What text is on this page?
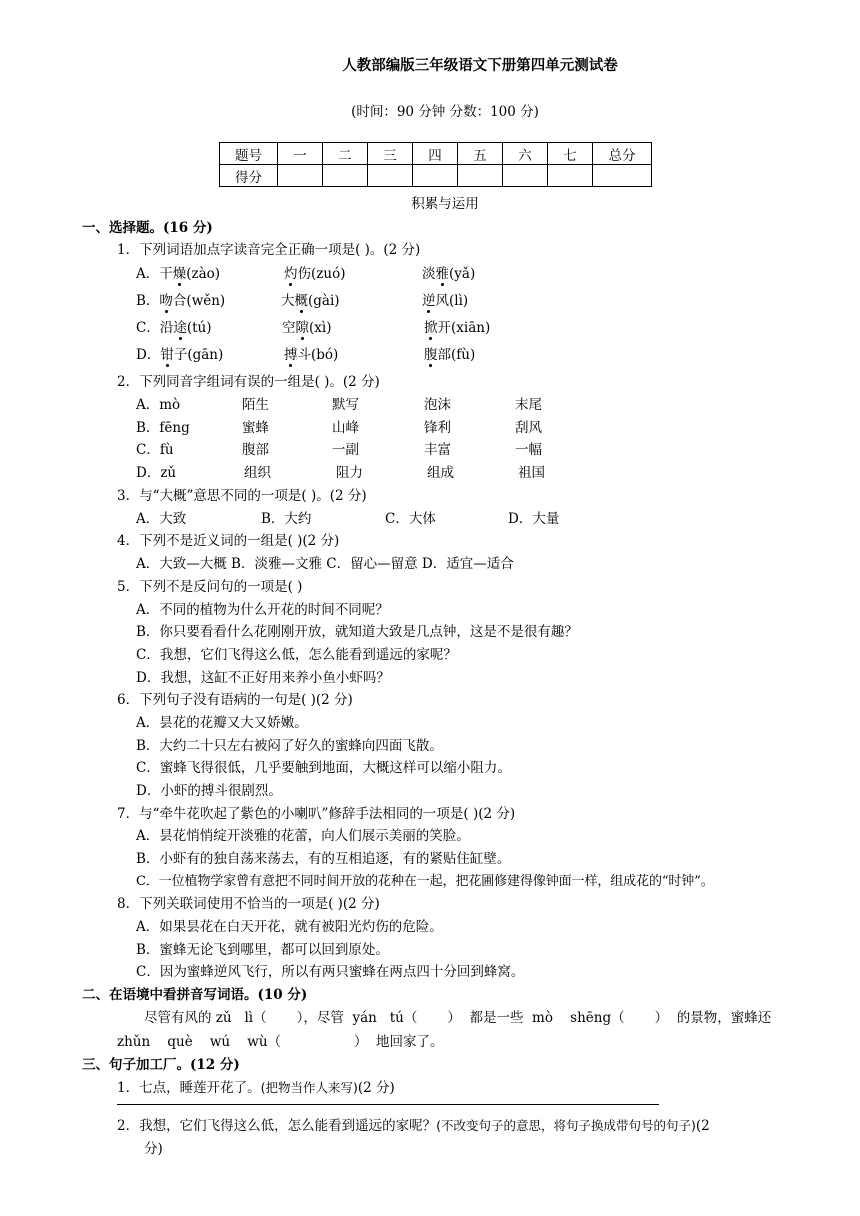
人教部编版三年级语文下册第四单元测试卷
(时间：90 分钟 分数：100 分)
题号	一	二	三	四	五	六	七	总分
得分								
积累与运用
一、选择题。(16 分)
1．下列词语加点字读音完全正确一项是( )。(2 分)
A．干燥(zào)	灼伤(zuó)	淡雅(yǎ)
B．吻合(wěn)	大概(gài)	逆风(lì)
C．沿途(tú)	空隙(xì)	掀开(xiān)
D．钳子(gān)	搏斗(bó)	腹部(fù)
2．下列同音字组词有误的一组是( )。(2 分)
A．mò	陌生	默写	泡沫	末尾
B．fēng	蜜蜂	山峰	锋利	刮风
C．fù	腹部	一副	丰富	一幅
D．zǔ	组织	阻力	组成	祖国
3．与“大概”意思不同的一项是( )。(2 分)
A．大致	B．大约	C．大体	D．大量
4．下列不是近义词的一组是( )(2 分)
A．大致—大概 B．淡雅—文雅 C．留心—留意 D．适宜—适合
5．下列不是反问句的一项是( )
A．不同的植物为什么开花的时间不同呢？
B．你只要看看什么花刚刚开放，就知道大致是几点钟，这是不是很有趣？
C．我想，它们飞得这么低，怎么能看到遥远的家呢？
D．我想，这缸不正好用来养小鱼小虾吗？
6．下列句子没有语病的一句是( )(2 分)
A．昙花的花瓣又大又娇嫩。
B．大约二十只左右被闷了好久的蜜蜂向四面飞散。
C．蜜蜂飞得很低，几乎要触到地面，大概这样可以缩小阻力。
D．小虾的搏斗很剧烈。
7．与“牵牛花吹起了紫色的小喇叭”修辞手法相同的一项是( )(2 分)
A．昙花悄悄绽开淡雅的花蕾，向人们展示美丽的笑脸。
B．小虾有的独自荡来荡去，有的互相追逐，有的紧贴住缸壁。
C．一位植物学家曾有意把不同时间开放的花种在一起，把花圃修建得像钟面一样，组成花的“时钟”。
8．下列关联词使用不恰当的一项是( )(2 分)
A．如果昙花在白天开花，就有被阳光灼伤的危险。
B．蜜蜂无论飞到哪里，都可以回到原处。
C．因为蜜蜂逆风飞行，所以有两只蜜蜂在两点四十分回到蜂窝。
二、在语境中看拼音写词语。(10 分)
尽管有风的 zǔ   lì（       ），尽管  yán   tú（       ）  都是一些  mò    shēng（       ）  的景物，蜜蜂还
zhǔn    què    wú    wù（                 ）  地回家了。
三、句子加工厂。(12 分)
1．七点，睡莲开花了。(把物当作人来写)(2 分)
2．我想，它们飞得这么低，怎么能看到遥远的家呢？(不改变句子的意思，将句子换成带句号的句子)(2
分)
